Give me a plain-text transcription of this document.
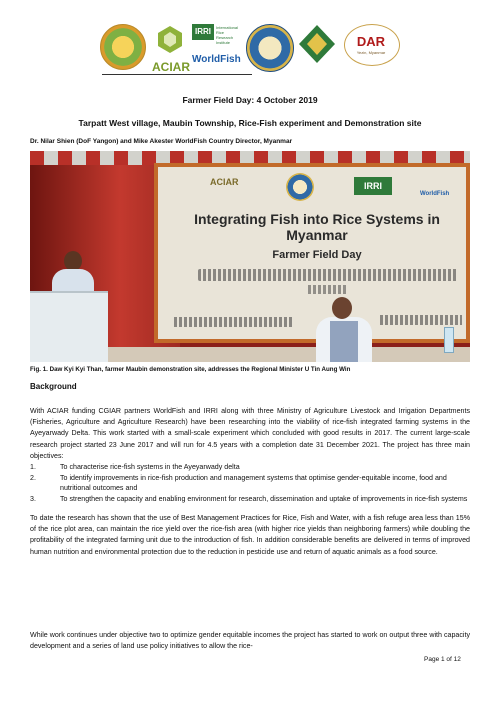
ACIAR
IRRI	International Rice Research Institute
WorldFish
DAR
Yezin, Myanmar
Farmer Field Day: 4 October 2019
Tarpatt West village, Maubin Township, Rice-Fish experiment and Demonstration site
Dr. Nilar Shien (DoF Yangon) and Mike Akester WorldFish Country Director, Myanmar
ACIAR	IRRI
WorldFish
Integrating Fish into Rice Systems in Myanmar
Farmer Field Day
Fig. 1. Daw Kyi Kyi Than, farmer Maubin demonstration site, addresses the Regional Minister U Tin Aung Win
Background

With ACIAR funding CGIAR partners WorldFish and IRRI along with three Ministry of Agriculture Livestock and Irrigation Departments (Fisheries, Agriculture and Agriculture Research) have been researching into the viability of rice-fish integrated farming systems in the Ayeyarwady Delta. This work started with a small-scale experiment which concluded with good results in 2017. The current large-scale research project started 23 June 2017 and will run for 4.5 years with a completion date 31 December 2021. The project has three main objectives:

1.	To characterise rice-fish systems in the Ayeyarwady delta
2.	To identify improvements in rice-fish production and management systems that optimise gender-equitable income, food and nutritional outcomes and
3.	To strengthen the capacity and enabling environment for research, dissemination and uptake of improvements in rice-fish systems

To date the research has shown that the use of Best Management Practices for Rice, Fish and Water, with a fish refuge area less than 15% of the rice plot area, can maintain the rice yield over the rice-fish area (with higher rice yields than neighboring farmers) while doubling the profitability of the integrated farming unit due to the introduction of fish. In addition considerable benefits are delivered in terms of improved human nutrition and environmental protection due to the reduction in pesticide use and return of aquatic animals as a food source.

While work continues under objective two to optimize gender equitable incomes the project has started to work on output three with capacity development and a series of land use policy initiatives to allow the rice-

Page 1 of 12
